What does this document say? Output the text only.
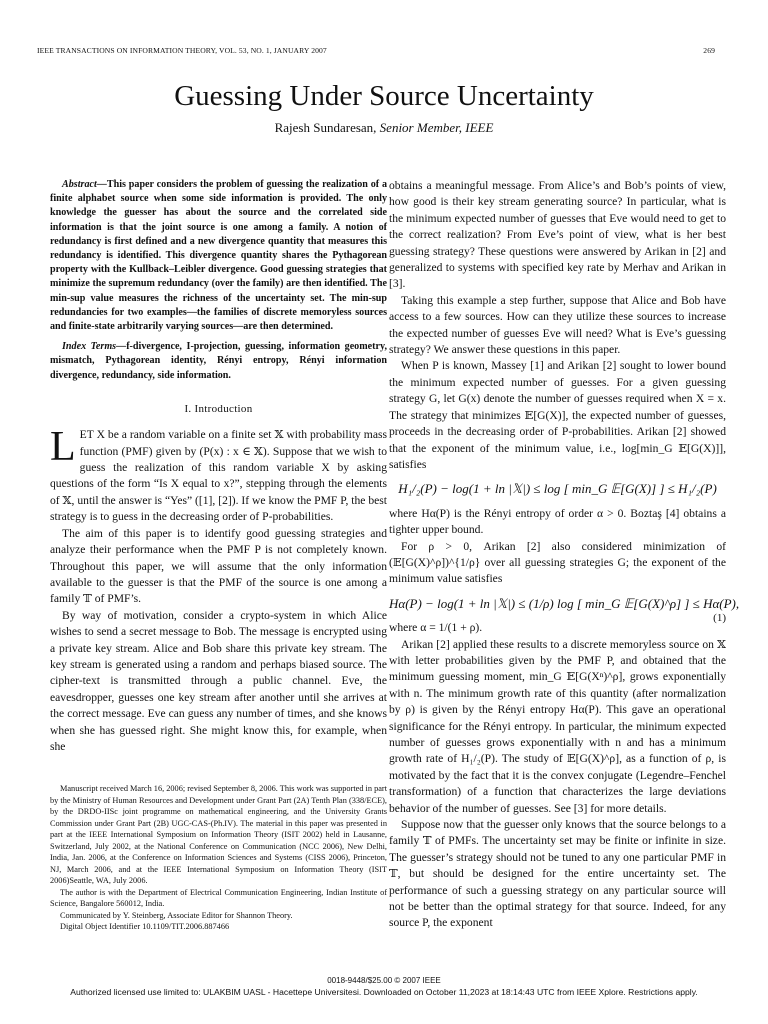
IEEE TRANSACTIONS ON INFORMATION THEORY, VOL. 53, NO. 1, JANUARY 2007	269
Guessing Under Source Uncertainty
Rajesh Sundaresan, Senior Member, IEEE

Abstract—This paper considers the problem of guessing the realization of a finite alphabet source when some side information is provided. The only knowledge the guesser has about the source and the correlated side information is that the joint source is one among a family. A notion of redundancy is first defined and a new divergence quantity that measures this redundancy is identified. This divergence quantity shares the Pythagorean property with the Kullback–Leibler divergence. Good guessing strategies that minimize the supremum redundancy (over the family) are then identified. The min-sup value measures the richness of the uncertainty set. The min-sup redundancies for two examples—the families of discrete memoryless sources and finite-state arbitrarily varying sources—are then determined.

Index Terms—f-divergence, I-projection, guessing, information geometry, mismatch, Pythagorean identity, Rényi entropy, Rényi information divergence, redundancy, side information.

I. Introduction

LET X be a random variable on a finite set 𝕏 with probability mass function (PMF) given by (P(x) : x ∈ 𝕏). Suppose that we wish to guess the realization of this random variable X by asking questions of the form “Is X equal to x?”, stepping through the elements of 𝕏, until the answer is “Yes” ([1], [2]). If we know the PMF P, the best strategy is to guess in the decreasing order of P-probabilities.

The aim of this paper is to identify good guessing strategies and analyze their performance when the PMF P is not completely known. Throughout this paper, we will assume that the only information available to the guesser is that the PMF of the source is one among a family 𝕋 of PMF’s.

By way of motivation, consider a crypto-system in which Alice wishes to send a secret message to Bob. The message is encrypted using a private key stream. Alice and Bob share this private key stream. The key stream is generated using a random and perhaps biased source. The cipher-text is transmitted through a public channel. Eve, the eavesdropper, guesses one key stream after another until she arrives at the correct message. Eve can guess any number of times, and she knows when she has guessed right. She might know this, for example, when she

Manuscript received March 16, 2006; revised September 8, 2006. This work was supported in part by the Ministry of Human Resources and Development under Grant Part (2A) Tenth Plan (338/ECE), by the DRDO-IISc joint programme on mathematical engineering, and the University Grants Commission under Grant Part (2B) UGC-CAS-(Ph.IV). The material in this paper was presented in part at the IEEE International Symposium on Information Theory (ISIT 2002) held in Lausanne, Switzerland, July 2002, at the National Conference on Communication (NCC 2006), New Delhi, India, Jan. 2006, at the Conference on Information Sciences and Systems (CISS 2006), Princeton, NJ, March 2006, and at the IEEE International Symposium on Information Theory (ISIT 2006)Seattle, WA, July 2006.

The author is with the Department of Electrical Communication Engineering, Indian Institute of Science, Bangalore 560012, India.

Communicated by Y. Steinberg, Associate Editor for Shannon Theory.

Digital Object Identifier 10.1109/TIT.2006.887466

obtains a meaningful message. From Alice’s and Bob’s points of view, how good is their key stream generating source? In particular, what is the minimum expected number of guesses that Eve would need to get to the correct realization? From Eve’s point of view, what is her best guessing strategy? These questions were answered by Arikan in [2] and generalized to systems with specified key rate by Merhav and Arikan in [3].

Taking this example a step further, suppose that Alice and Bob have access to a few sources. How can they utilize these sources to increase the expected number of guesses Eve will need? What is Eve’s guessing strategy? We answer these questions in this paper.

When P is known, Massey [1] and Arikan [2] sought to lower bound the minimum expected number of guesses. For a given guessing strategy G, let G(x) denote the number of guesses required when X = x. The strategy that minimizes 𝔼[G(X)], the expected number of guesses, proceeds in the decreasing order of P-probabilities. Arikan [2] showed that the exponent of the minimum value, i.e., log[min_G 𝔼[G(X)]], satisfies

H₁/₂(P) − log(1 + ln |𝕏|) ≤ log [ min_G 𝔼[G(X)] ] ≤ H₁/₂(P)

where Hα(P) is the Rényi entropy of order α > 0. Boztaş [4] obtains a tighter upper bound.

For ρ > 0, Arikan [2] also considered minimization of (𝔼[G(X)^ρ])^{1/ρ} over all guessing strategies G; the exponent of the minimum value satisfies

Hα(P) − log(1 + ln |𝕏|) ≤ (1/ρ) log [ min_G 𝔼[G(X)^ρ] ] ≤ Hα(P),
(1)

where α = 1/(1 + ρ).

Arikan [2] applied these results to a discrete memoryless source on 𝕏 with letter probabilities given by the PMF P, and obtained that the minimum guessing moment, min_G 𝔼[G(Xⁿ)^ρ], grows exponentially with n. The minimum growth rate of this quantity (after normalization by ρ) is given by the Rényi entropy Hα(P). This gave an operational significance for the Rényi entropy. In particular, the minimum expected number of guesses grows exponentially with n and has a minimum growth rate of H₁/₂(P). The study of 𝔼[G(X)^ρ], as a function of ρ, is motivated by the fact that it is the convex conjugate (Legendre–Fenchel transformation) of a function that characterizes the large deviations behavior of the number of guesses. See [3] for more details.

Suppose now that the guesser only knows that the source belongs to a family 𝕋 of PMFs. The uncertainty set may be finite or infinite in size. The guesser’s strategy should not be tuned to any one particular PMF in 𝕋, but should be designed for the entire uncertainty set. The performance of such a guessing strategy on any particular source will not be better than the optimal strategy for that source. Indeed, for any source P, the exponent

0018-9448/$25.00 © 2007 IEEE
Authorized licensed use limited to: ULAKBIM UASL - Hacettepe Universitesi. Downloaded on October 11,2023 at 18:14:43 UTC from IEEE Xplore. Restrictions apply.
